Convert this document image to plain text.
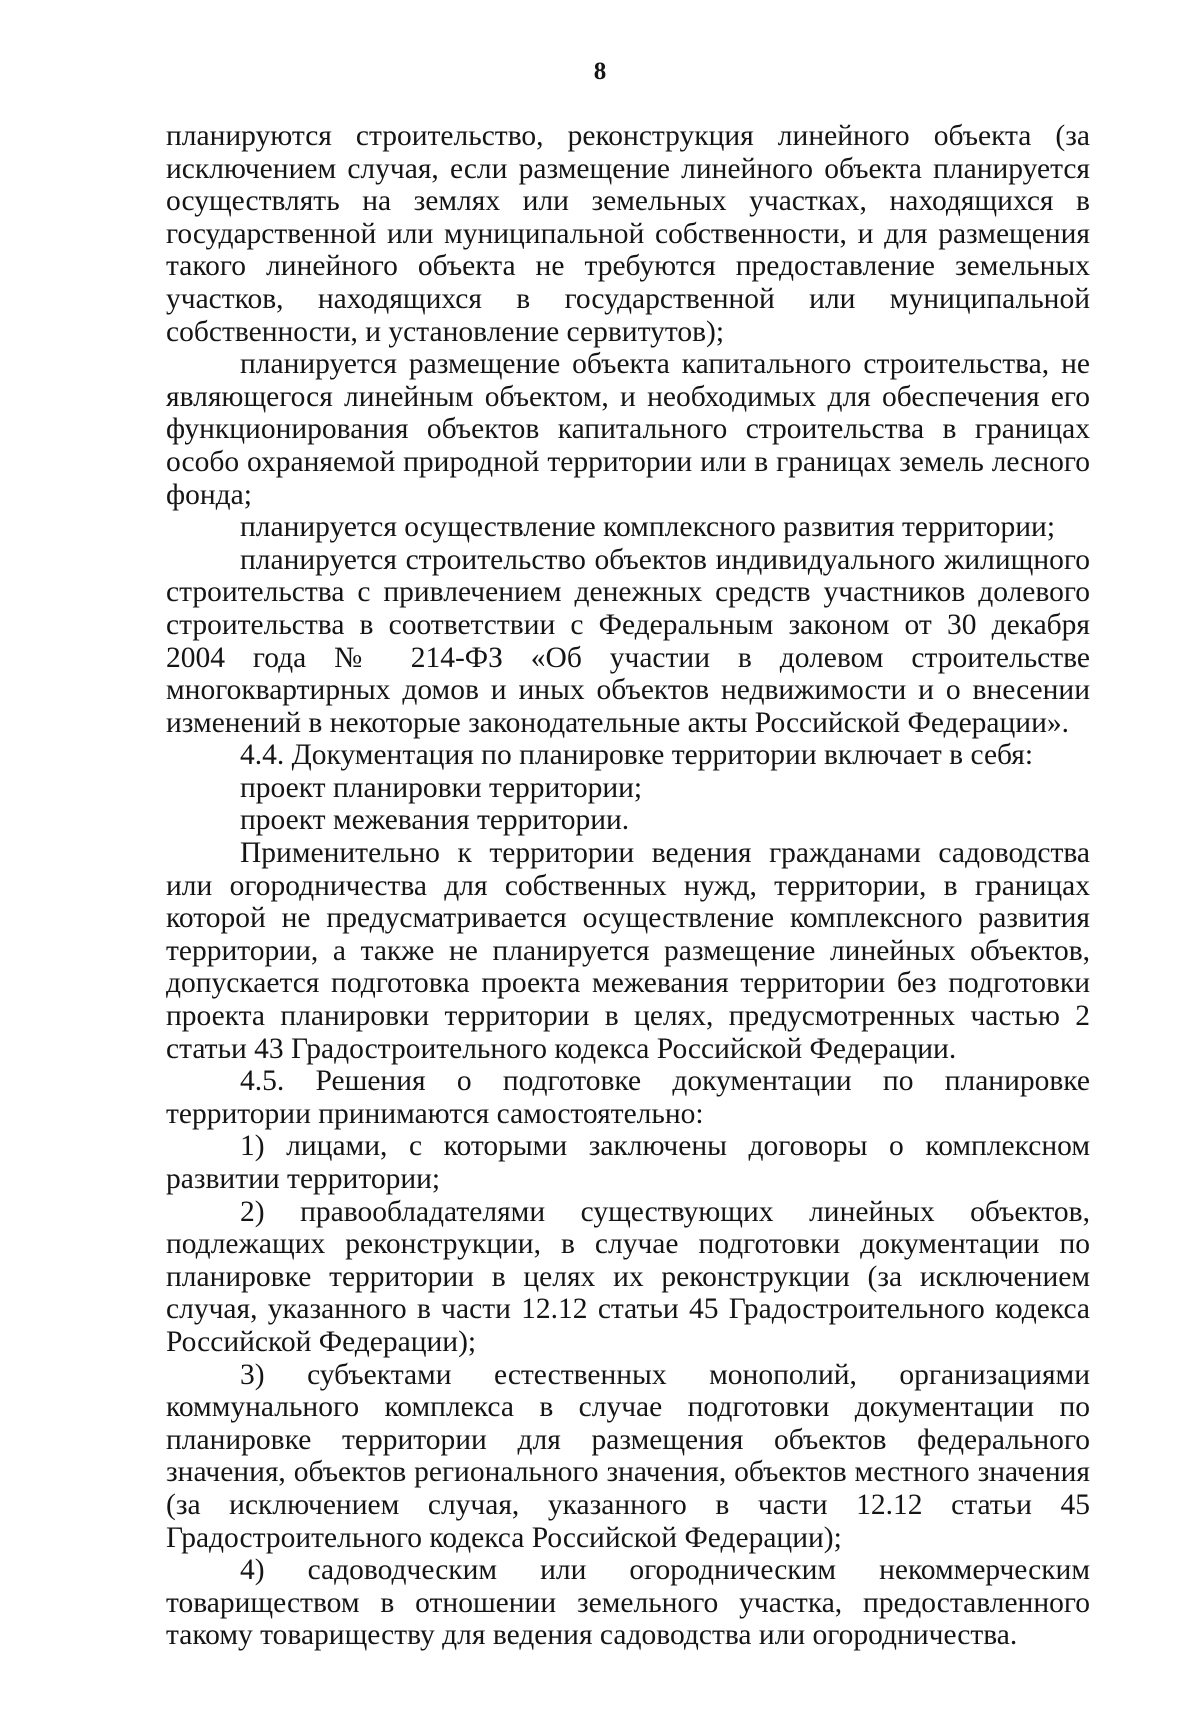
8

планируются строительство, реконструкция линейного объекта (за исключением случая, если размещение линейного объекта планируется осуществлять на землях или земельных участках, находящихся в государственной или муниципальной собственности, и для размещения такого линейного объекта не требуются предоставление земельных участков, находящихся в государственной или муниципальной собственности, и установление сервитутов);

планируется размещение объекта капитального строительства, не являющегося линейным объектом, и необходимых для обеспечения его функционирования объектов капитального строительства в границах особо охраняемой природной территории или в границах земель лесного фонда;

планируется осуществление комплексного развития территории;

планируется строительство объектов индивидуального жилищного строительства с привлечением денежных средств участников долевого строительства в соответствии с Федеральным законом от 30 декабря 2004 года № 214-ФЗ «Об участии в долевом строительстве многоквартирных домов и иных объектов недвижимости и о внесении изменений в некоторые законодательные акты Российской Федерации».

4.4. Документация по планировке территории включает в себя:

проект планировки территории;

проект межевания территории.

Применительно к территории ведения гражданами садоводства или огородничества для собственных нужд, территории, в границах которой не предусматривается осуществление комплексного развития территории, а также не планируется размещение линейных объектов, допускается подготовка проекта межевания территории без подготовки проекта планировки территории в целях, предусмотренных частью 2 статьи 43 Градостроительного кодекса Российской Федерации.

4.5. Решения о подготовке документации по планировке территории принимаются самостоятельно:

1) лицами, с которыми заключены договоры о комплексном развитии территории;

2) правообладателями существующих линейных объектов, подлежащих реконструкции, в случае подготовки документации по планировке территории в целях их реконструкции (за исключением случая, указанного в части 12.12 статьи 45 Градостроительного кодекса Российской Федерации);

3) субъектами естественных монополий, организациями коммунального комплекса в случае подготовки документации по планировке территории для размещения объектов федерального значения, объектов регионального значения, объектов местного значения (за исключением случая, указанного в части 12.12 статьи 45 Градостроительного кодекса Российской Федерации);

4) садоводческим или огородническим некоммерческим товариществом в отношении земельного участка, предоставленного такому товариществу для ведения садоводства или огородничества.
